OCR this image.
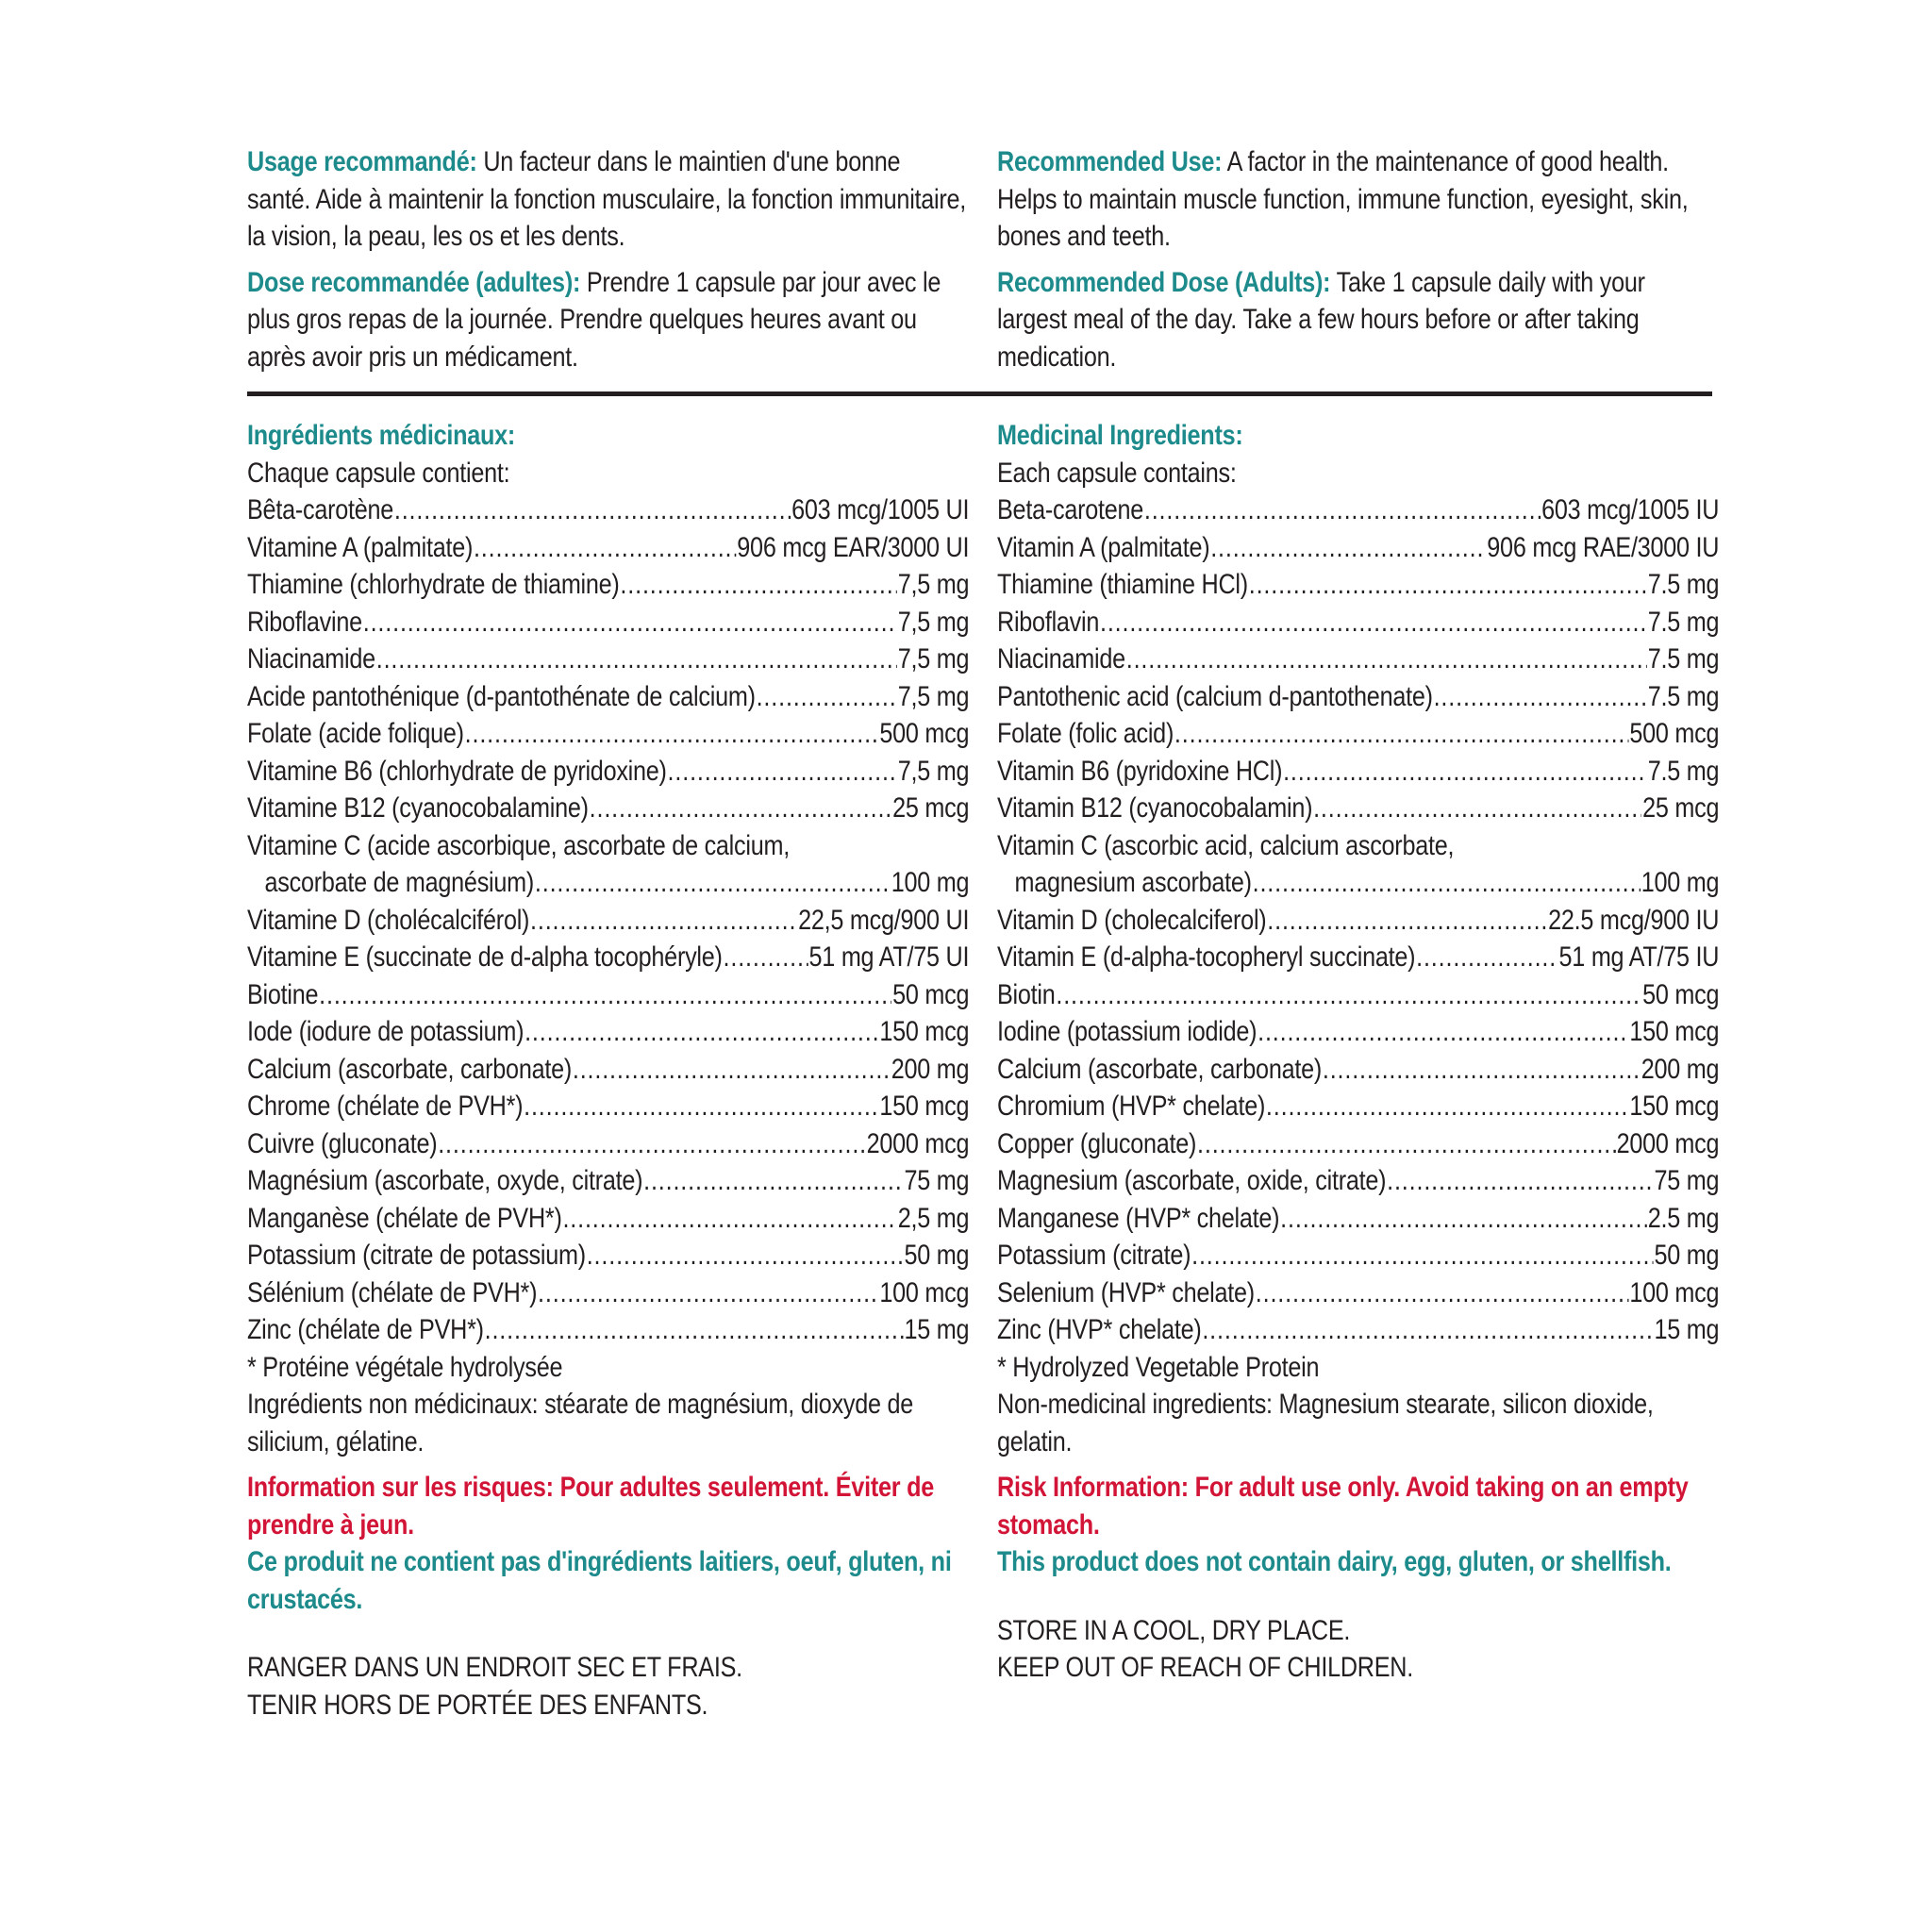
Usage recommandé: Un facteur dans le maintien d'une bonne santé. Aide à maintenir la fonction musculaire, la fonction immunitaire, la vision, la peau, les os et les dents.

Dose recommandée (adultes): Prendre 1 capsule par jour avec le plus gros repas de la journée. Prendre quelques heures avant ou après avoir pris un médicament.

Recommended Use: A factor in the maintenance of good health. Helps to maintain muscle function, immune function, eyesight, skin, bones and teeth.

Recommended Dose (Adults): Take 1 capsule daily with your largest meal of the day. Take a few hours before or after taking medication.

Ingrédients médicinaux:
Chaque capsule contient:
Bêta-carotène .....	603 mcg/1005 UI
Vitamine A (palmitate) .....	906 mcg EAR/3000 UI
Thiamine (chlorhydrate de thiamine) .....	7,5 mg
Riboflavine .....	7,5 mg
Niacinamide .....	7,5 mg
Acide pantothénique (d-pantothénate de calcium) .....	7,5 mg
Folate (acide folique) .....	500 mcg
Vitamine B6 (chlorhydrate de pyridoxine) .....	7,5 mg
Vitamine B12 (cyanocobalamine) .....	25 mcg
Vitamine C (acide ascorbique, ascorbate de calcium,
ascorbate de magnésium) .....	100 mg
Vitamine D (cholécalciférol) .....	22,5 mcg/900 UI
Vitamine E (succinate de d-alpha tocophéryle) .....	51 mg AT/75 UI
Biotine .....	50 mcg
Iode (iodure de potassium) .....	150 mcg
Calcium (ascorbate, carbonate) .....	200 mg
Chrome (chélate de PVH*) .....	150 mcg
Cuivre (gluconate) .....	2000 mcg
Magnésium (ascorbate, oxyde, citrate) .....	75 mg
Manganèse (chélate de PVH*) .....	2,5 mg
Potassium (citrate de potassium) .....	50 mg
Sélénium (chélate de PVH*) .....	100 mcg
Zinc (chélate de PVH*) .....	15 mg
* Protéine végétale hydrolysée

Ingrédients non médicinaux: stéarate de magnésium, dioxyde de silicium, gélatine.

Information sur les risques: Pour adultes seulement. Éviter de prendre à jeun.

Ce produit ne contient pas d'ingrédients laitiers, oeuf, gluten, ni crustacés.

RANGER DANS UN ENDROIT SEC ET FRAIS.
TENIR HORS DE PORTÉE DES ENFANTS.
Medicinal Ingredients:
Each capsule contains:
Beta-carotene .....	603 mcg/1005 IU
Vitamin A (palmitate) .....	906 mcg RAE/3000 IU
Thiamine (thiamine HCl) .....	7.5 mg
Riboflavin .....	7.5 mg
Niacinamide .....	7.5 mg
Pantothenic acid (calcium d-pantothenate) .....	7.5 mg
Folate (folic acid) .....	500 mcg
Vitamin B6 (pyridoxine HCl) .....	7.5 mg
Vitamin B12 (cyanocobalamin) .....	25 mcg
Vitamin C (ascorbic acid, calcium ascorbate,
magnesium ascorbate) .....	100 mg
Vitamin D (cholecalciferol) .....	22.5 mcg/900 IU
Vitamin E (d-alpha-tocopheryl succinate) .....	51 mg AT/75 IU
Biotin .....	50 mcg
Iodine (potassium iodide) .....	150 mcg
Calcium (ascorbate, carbonate) .....	200 mg
Chromium (HVP* chelate) .....	150 mcg
Copper (gluconate) .....	2000 mcg
Magnesium (ascorbate, oxide, citrate) .....	75 mg
Manganese (HVP* chelate) .....	2.5 mg
Potassium (citrate) .....	50 mg
Selenium (HVP* chelate) .....	100 mcg
Zinc (HVP* chelate) .....	15 mg
* Hydrolyzed Vegetable Protein

Non-medicinal ingredients: Magnesium stearate, silicon dioxide, gelatin.

Risk Information: For adult use only. Avoid taking on an empty stomach.

This product does not contain dairy, egg, gluten, or shellfish.

STORE IN A COOL, DRY PLACE.
KEEP OUT OF REACH OF CHILDREN.
